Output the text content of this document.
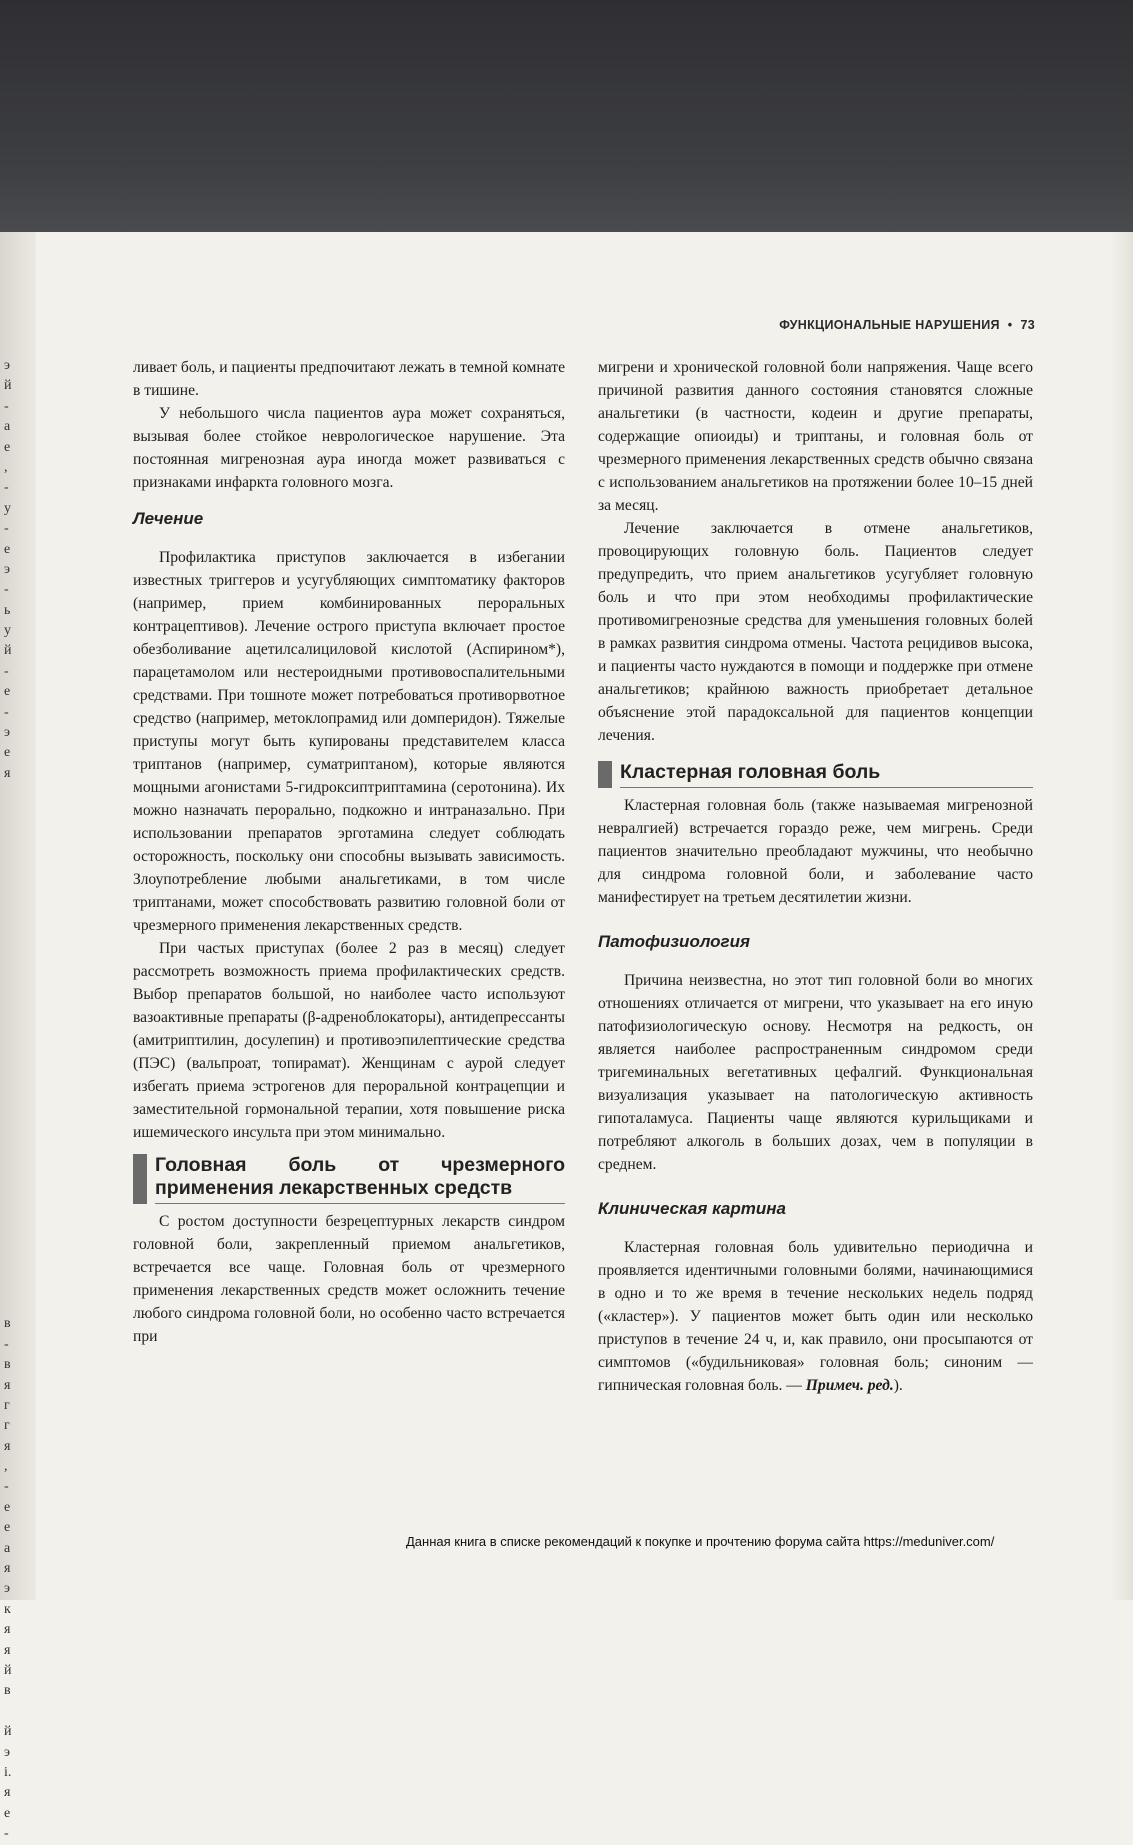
э
й
-
а
е
,
-
у
-
е
э
-
ь
у
й
-
е
-
э
е
я
в
-
в
я
г
г
я
,
-
е
е
а
я
э
к
я
я
й
в
й
э
і.
я
е
-
ФУНКЦИОНАЛЬНЫЕ НАРУШЕНИЯ • 73

ливает боль, и пациенты предпочитают лежать в темной комнате в тишине.

У небольшого числа пациентов аура может сохраняться, вызывая более стойкое неврологическое нарушение. Эта постоянная мигренозная аура иногда может развиваться с признаками инфаркта головного мозга.

Лечение

Профилактика приступов заключается в избегании известных триггеров и усугубляющих симптоматику факторов (например, прием комбинированных пероральных контрацептивов). Лечение острого приступа включает простое обезболивание ацетилсалициловой кислотой (Аспирином*), парацетамолом или нестероидными противовоспалительными средствами. При тошноте может потребоваться противорвотное средство (например, метоклопрамид или домперидон). Тяжелые приступы могут быть купированы представителем класса триптанов (например, суматриптаном), которые являются мощными агонистами 5-гидроксиптриптамина (серотонина). Их можно назначать перорально, подкожно и интраназально. При использовании препаратов эрготамина следует соблюдать осторожность, поскольку они способны вызывать зависимость. Злоупотребление любыми анальгетиками, в том числе триптанами, может способствовать развитию головной боли от чрезмерного применения лекарственных средств.

При частых приступах (более 2 раз в месяц) следует рассмотреть возможность приема профилактических средств. Выбор препаратов большой, но наиболее часто используют вазоактивные препараты (β-адреноблокаторы), антидепрессанты (амитриптилин, досулепин) и противоэпилептические средства (ПЭС) (вальпроат, топирамат). Женщинам с аурой следует избегать приема эстрогенов для пероральной контрацепции и заместительной гормональной терапии, хотя повышение риска ишемического инсульта при этом минимально.

Головная боль от чрезмерного применения лекарственных средств

С ростом доступности безрецептурных лекарств синдром головной боли, закрепленный приемом анальгетиков, встречается все чаще. Головная боль от чрезмерного применения лекарственных средств может осложнить течение любого синдрома головной боли, но особенно часто встречается при

мигрени и хронической головной боли напряжения. Чаще всего причиной развития данного состояния становятся сложные анальгетики (в частности, кодеин и другие препараты, содержащие опиоиды) и триптаны, и головная боль от чрезмерного применения лекарственных средств обычно связана с использованием анальгетиков на протяжении более 10–15 дней за месяц.

Лечение заключается в отмене анальгетиков, провоцирующих головную боль. Пациентов следует предупредить, что прием анальгетиков усугубляет головную боль и что при этом необходимы профилактические противомигренозные средства для уменьшения головных болей в рамках развития синдрома отмены. Частота рецидивов высока, и пациенты часто нуждаются в помощи и поддержке при отмене анальгетиков; крайнюю важность приобретает детальное объяснение этой парадоксальной для пациентов концепции лечения.

Кластерная головная боль

Кластерная головная боль (также называемая мигренозной невралгией) встречается гораздо реже, чем мигрень. Среди пациентов значительно преобладают мужчины, что необычно для синдрома головной боли, и заболевание часто манифестирует на третьем десятилетии жизни.

Патофизиология

Причина неизвестна, но этот тип головной боли во многих отношениях отличается от мигрени, что указывает на его иную патофизиологическую основу. Несмотря на редкость, он является наиболее распространенным синдромом среди тригеминальных вегетативных цефалгий. Функциональная визуализация указывает на патологическую активность гипоталамуса. Пациенты чаще являются курильщиками и потребляют алкоголь в больших дозах, чем в популяции в среднем.

Клиническая картина

Кластерная головная боль удивительно периодична и проявляется идентичными головными болями, начинающимися в одно и то же время в течение нескольких недель подряд («кластер»). У пациентов может быть один или несколько приступов в течение 24 ч, и, как правило, они просыпаются от симптомов («будильниковая» головная боль; синоним — гипническая головная боль. — Примеч. ред.).

Данная книга в списке рекомендаций к покупке и прочтению форума сайта https://meduniver.com/
